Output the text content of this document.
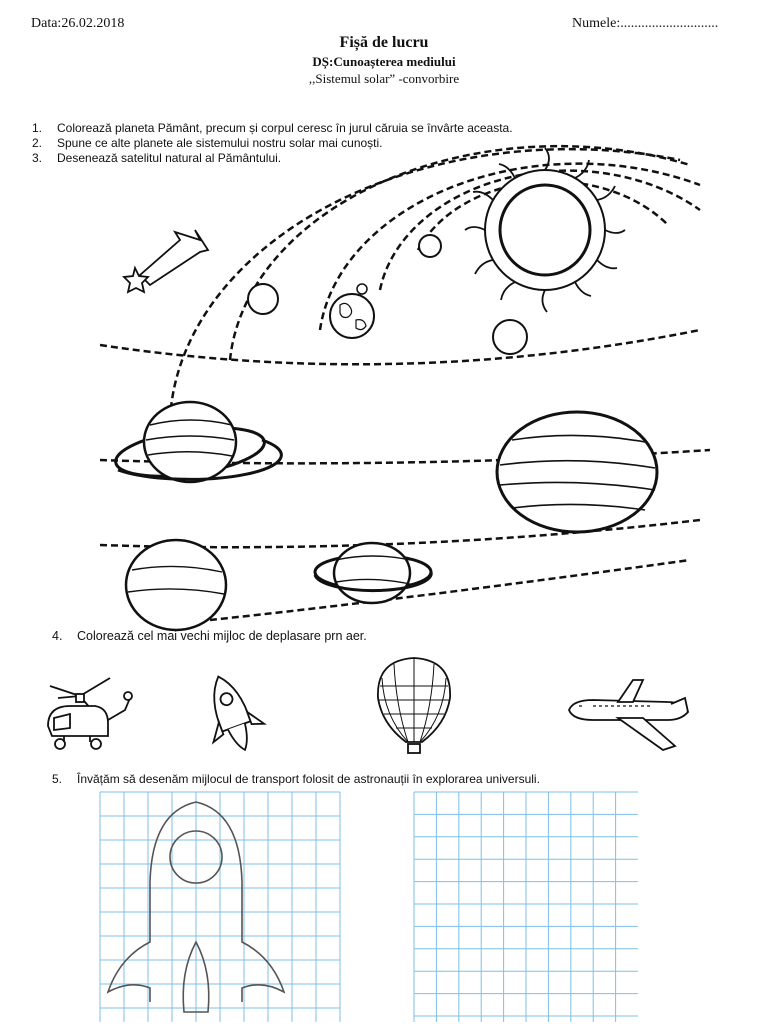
Data:26.02.2018	Numele:............................
Fișă de lucru
DȘ:Cunoașterea mediului
,,Sistemul solar” -convorbire
1. Colorează planeta Pământ, precum și corpul ceresc în jurul căruia se învârte aceasta.
2. Spune ce alte planete ale sistemului nostru solar mai cunoști.
3. Desenează satelitul natural al Pământului.
4. Colorează cel mai vechi mijloc de deplasare prn aer.
5. Învățăm să desenăm mijlocul de transport folosit de astronauții în explorarea universuli.
